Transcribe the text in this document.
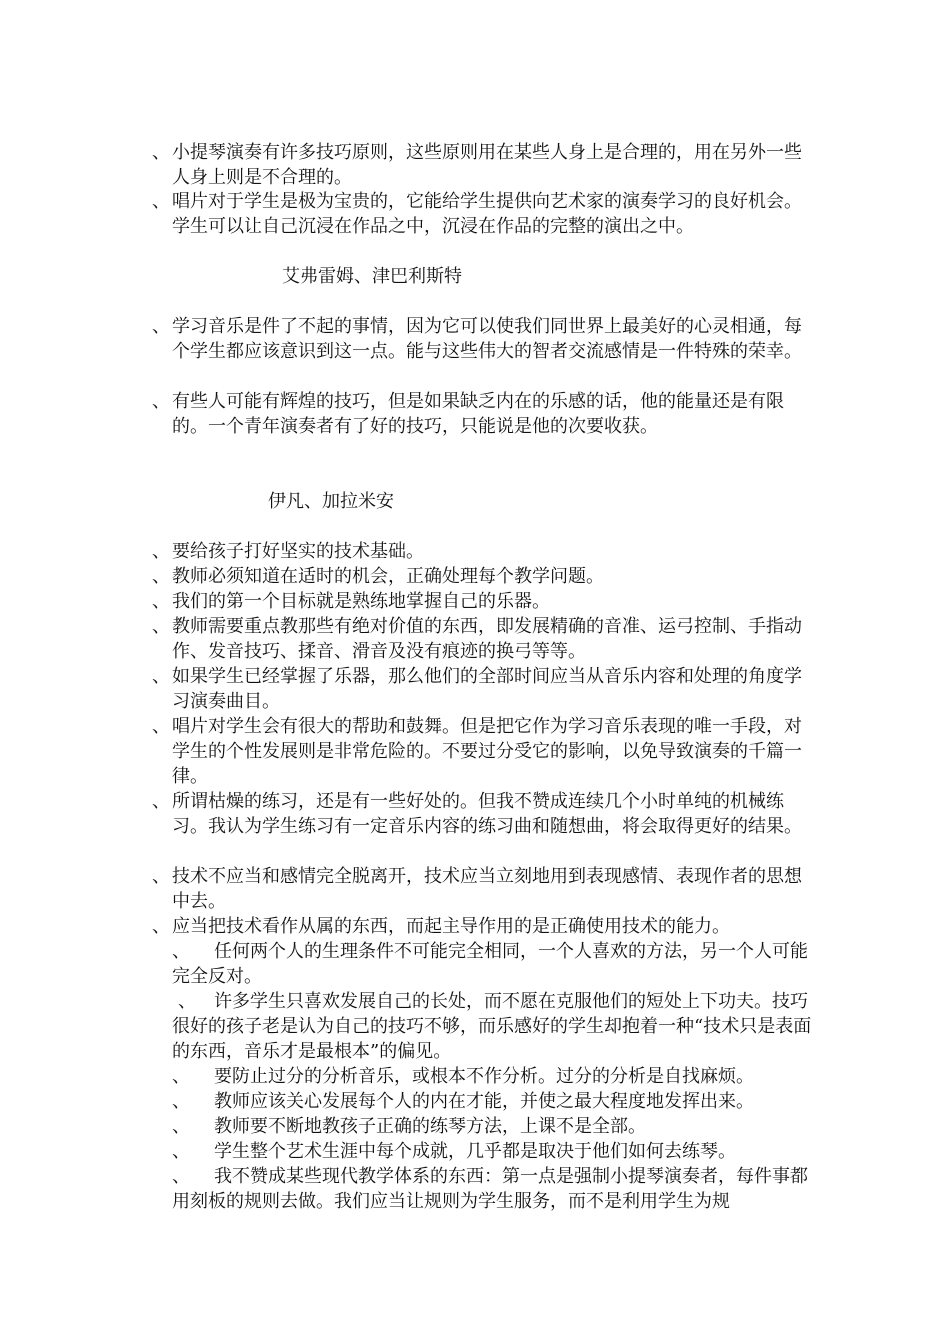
、 小提琴演奏有许多技巧原则，这些原则用在某些人身上是合理的，用在另外一些人身上则是不合理的。
、 唱片对于学生是极为宝贵的，它能给学生提供向艺术家的演奏学习的良好机会。学生可以让自己沉浸在作品之中，沉浸在作品的完整的演出之中。
艾弗雷姆、津巴利斯特
、 学习音乐是件了不起的事情，因为它可以使我们同世界上最美好的心灵相通，每个学生都应该意识到这一点。能与这些伟大的智者交流感情是一件特殊的荣幸。
、 有些人可能有辉煌的技巧，但是如果缺乏内在的乐感的话，他的能量还是有限的。一个青年演奏者有了好的技巧，只能说是他的次要收获。
伊凡、加拉米安
、 要给孩子打好坚实的技术基础。
、 教师必须知道在适时的机会，正确处理每个教学问题。
、 我们的第一个目标就是熟练地掌握自己的乐器。
、 教师需要重点教那些有绝对价值的东西，即发展精确的音准、运弓控制、手指动作、发音技巧、揉音、滑音及没有痕迹的换弓等等。
、 如果学生已经掌握了乐器，那么他们的全部时间应当从音乐内容和处理的角度学习演奏曲目。
、 唱片对学生会有很大的帮助和鼓舞。但是把它作为学习音乐表现的唯一手段，对学生的个性发展则是非常危险的。不要过分受它的影响，以免导致演奏的千篇一律。
、 所谓枯燥的练习，还是有一些好处的。但我不赞成连续几个小时单纯的机械练习。我认为学生练习有一定音乐内容的练习曲和随想曲，将会取得更好的结果。
、 技术不应当和感情完全脱离开，技术应当立刻地用到表现感情、表现作者的思想中去。
、 应当把技术看作从属的东西，而起主导作用的是正确使用技术的能力。
、	任何两个人的生理条件不可能完全相同，一个人喜欢的方法，另一个人可能完全反对。
、	许多学生只喜欢发展自己的长处，而不愿在克服他们的短处上下功夫。技巧很好的孩子老是认为自己的技巧不够，而乐感好的学生却抱着一种“技术只是表面的东西，音乐才是最根本”的偏见。
、	要防止过分的分析音乐，或根本不作分析。过分的分析是自找麻烦。
、	教师应该关心发展每个人的内在才能，并使之最大程度地发挥出来。
、	教师要不断地教孩子正确的练琴方法，上课不是全部。
、	学生整个艺术生涯中每个成就，几乎都是取决于他们如何去练琴。
、	我不赞成某些现代教学体系的东西：第一点是强制小提琴演奏者，每件事都用刻板的规则去做。我们应当让规则为学生服务，而不是利用学生为规
